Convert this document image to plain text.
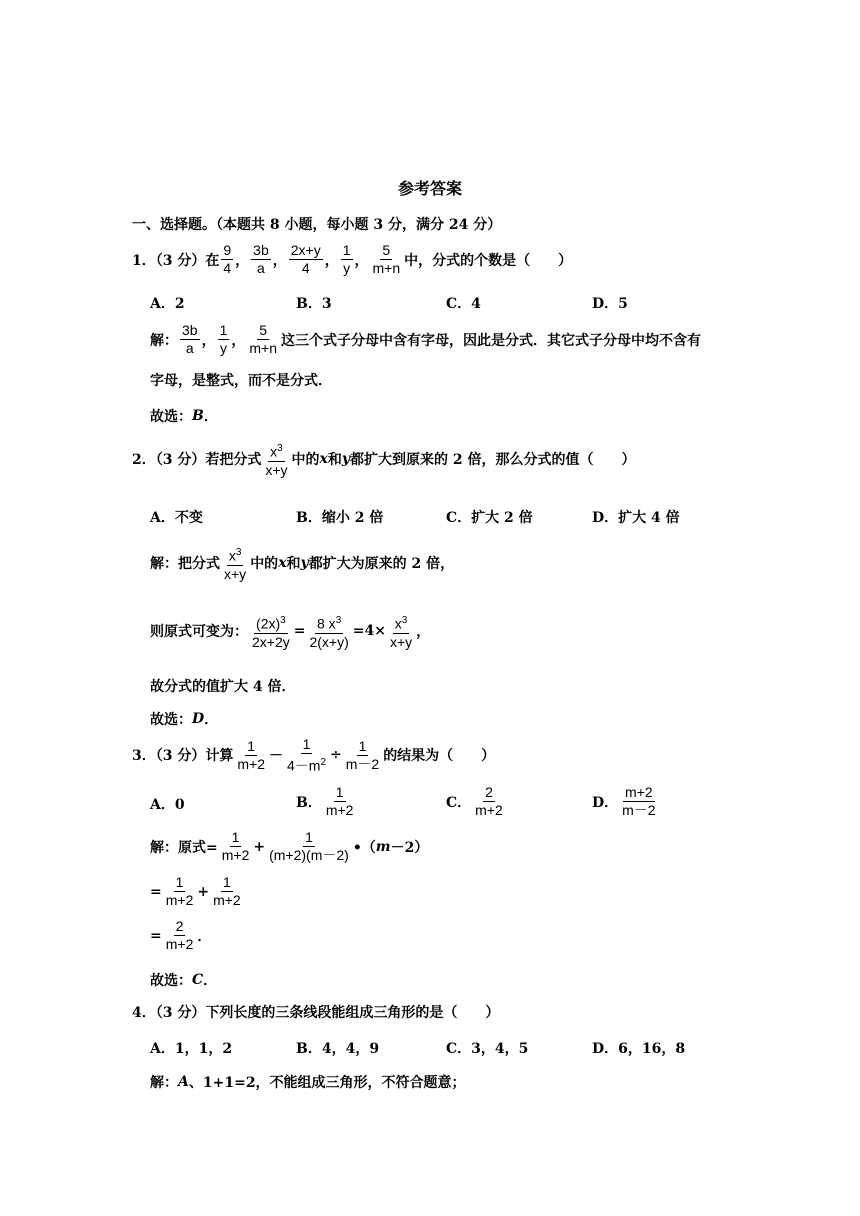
参考答案
一、选择题。（本题共 8 小题，每小题 3 分，满分 24 分）
1．（3 分）在 $\frac{9}{4}$ ， $\frac{3b}{a}$ ， $\frac{2x+y}{4}$ ， $\frac{1}{y}$ ， $\frac{5}{m+n}$ 中，分式的个数是（　　）
A．2	B．3	C．4	D．5
解： $\frac{3b}{a}$ ， $\frac{1}{y}$ ， $\frac{5}{m+n}$ 这三个式子分母中含有字母，因此是分式．其它式子分母中均不含有
字母，是整式，而不是分式．
故选： B ．
2．（3 分）若把分式 $\frac{x^3}{x+y}$ 中的 x 和 y 都扩大到原来的 2 倍，那么分式的值（　　）
A．不变	B．缩小 2 倍	C．扩大 2 倍	D．扩大 4 倍
解：把分式 $\frac{x^3}{x+y}$ 中的 x 和 y 都扩大为原来的 2 倍，
则原式可变为： $\frac{(2x)^3}{2x+2y} = \frac{8 x^3}{2(x+y)} =4\times \frac{x^3}{x+y}$ ，
故分式的值扩大 4 倍．
故选： D ．
3．（3 分）计算 $\frac{1}{m+2} - \frac{1}{4-m^2} \div \frac{1}{m-2}$ 的结果为（　　）
A．0	B． $\frac{1}{m+2}$	C． $\frac{2}{m+2}$	D． $\frac{m+2}{m-2}$
解：原式= $\frac{1}{m+2} + \frac{1}{(m+2)(m-2)}$ •（ m －2）
= $\frac{1}{m+2} + \frac{1}{m+2}$
= $\frac{2}{m+2}$ ．
故选： C ．
4．（3 分）下列长度的三条线段能组成三角形的是（　　）
A．1，1，2	B．4，4，9	C．3，4，5	D．6，16，8
解： A 、1+1=2，不能组成三角形，不符合题意；
